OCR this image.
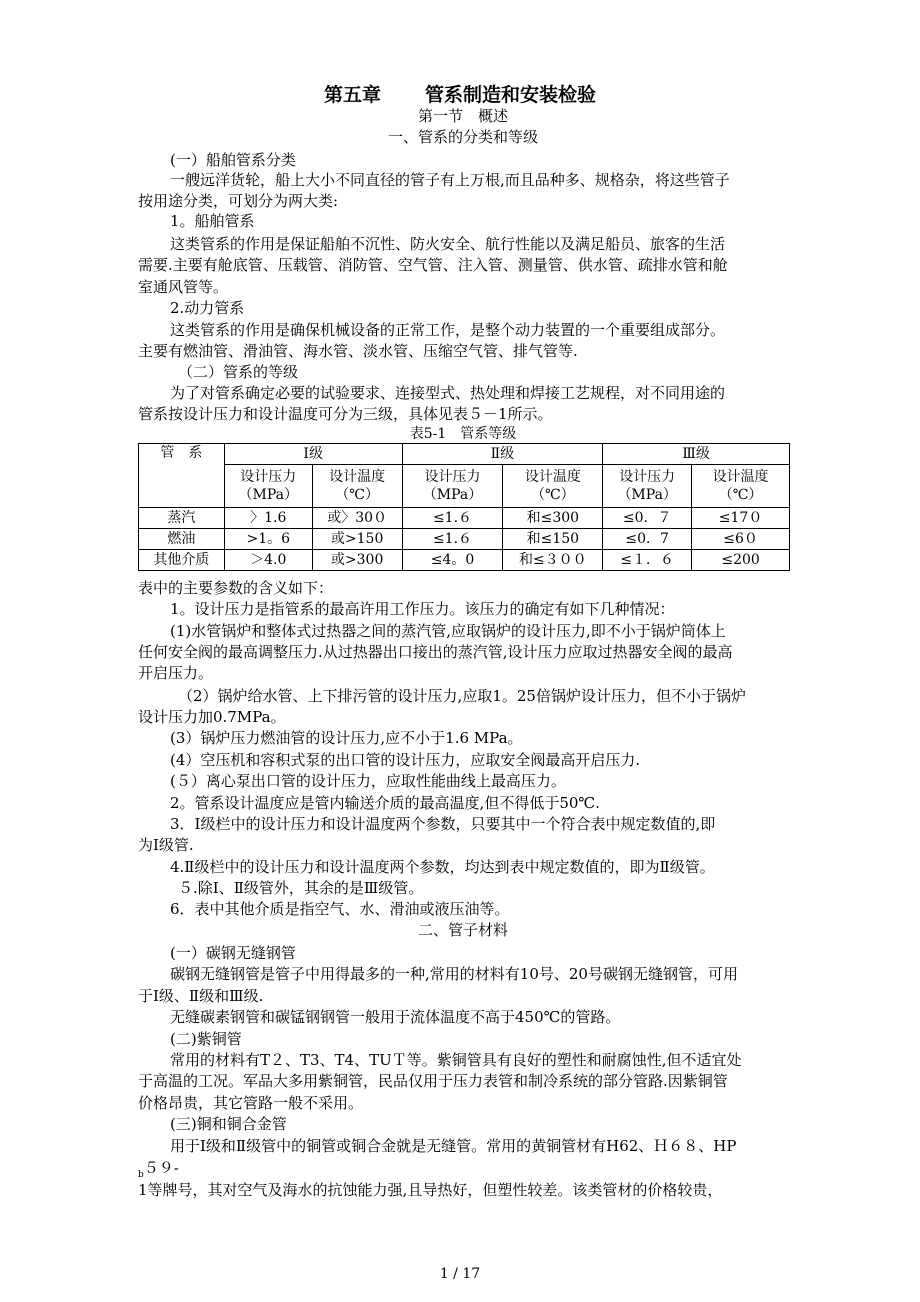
第五章 管系制造和安装检验
第一节　概述
一、管系的分类和等级
(一）船舶管系分类
一艘远洋货轮，船上大小不同直径的管子有上万根,而且品种多、规格杂，将这些管子
按用途分类，可划分为两大类:
1。船舶管系
这类管系的作用是保证船舶不沉性、防火安全、航行性能以及满足船员、旅客的生活
需要.主要有舱底管、压载管、消防管、空气管、注入管、测量管、供水管、疏排水管和舱
室通风管等。
2.动力管系
这类管系的作用是确保机械设备的正常工作，是整个动力装置的一个重要组成部分。
主要有燃油管、滑油管、海水管、淡水管、压缩空气管、排气管等.
（二）管系的等级
为了对管系确定必要的试验要求、连接型式、热处理和焊接工艺规程，对不同用途的
管系按设计压力和设计温度可分为三级，具体见表５－1所示。
表5-1　管系等级
管　系	Ⅰ级		Ⅱ级		Ⅲ级	
	设计压力
（MPa）	设计温度
（℃）	设计压力
（MPa）	设计温度
（℃）	设计压力
（MPa）	设计温度
（℃）
蒸汽	〉1.6	或〉30０	≤1.６	和≤300	≤0．７	≤17０
燃油	>1。6	或>150	≤1.６	和≤150	≤0．7	≤6０
其他介质	＞4.0	或>300	≤4。0	和≤３００	≤１．６	≤200
表中的主要参数的含义如下：
1。设计压力是指管系的最高许用工作压力。该压力的确定有如下几种情况：
(1)水管锅炉和整体式过热器之间的蒸汽管,应取锅炉的设计压力,即不小于锅炉筒体上
任何安全阀的最高调整压力.从过热器出口接出的蒸汽管,设计压力应取过热器安全阀的最高
开启压力。
（2）锅炉给水管、上下排污管的设计压力,应取1。25倍锅炉设计压力，但不小于锅炉
设计压力加0.7MPa。
(3）锅炉压力燃油管的设计压力,应不小于1.6 MPa。
(4）空压机和容积式泵的出口管的设计压力，应取安全阀最高开启压力.
(５）离心泵出口管的设计压力，应取性能曲线上最高压力。
2。管系设计温度应是管内输送介质的最高温度,但不得低于50℃.
3．Ⅰ级栏中的设计压力和设计温度两个参数，只要其中一个符合表中规定数值的,即
为Ⅰ级管.
4.Ⅱ级栏中的设计压力和设计温度两个参数，均达到表中规定数值的，即为Ⅱ级管。
５.除Ⅰ、Ⅱ级管外，其余的是Ⅲ级管。
6．表中其他介质是指空气、水、滑油或液压油等。
二、管子材料
(一）碳钢无缝钢管
碳钢无缝钢管是管子中用得最多的一种,常用的材料有10号、20号碳钢无缝钢管，可用
于Ⅰ级、Ⅱ级和Ⅲ级.
无缝碳素钢管和碳锰钢钢管一般用于流体温度不高于450℃的管路。
(二)紫铜管
常用的材料有T２、T3、T4、TUＴ等。紫铜管具有良好的塑性和耐腐蚀性,但不适宜处
于高温的工况。军品大多用紫铜管，民品仅用于压力表管和制冷系统的部分管路.因紫铜管
价格昂贵，其它管路一般不采用。
(三)铜和铜合金管
用于Ⅰ级和Ⅱ级管中的铜管或铜合金就是无缝管。常用的黄铜管材有H62、Ｈ６８、HP
$_b$５９-
1等牌号，其对空气及海水的抗蚀能力强,且导热好，但塑性较差。该类管材的价格较贵，
1 / 17
